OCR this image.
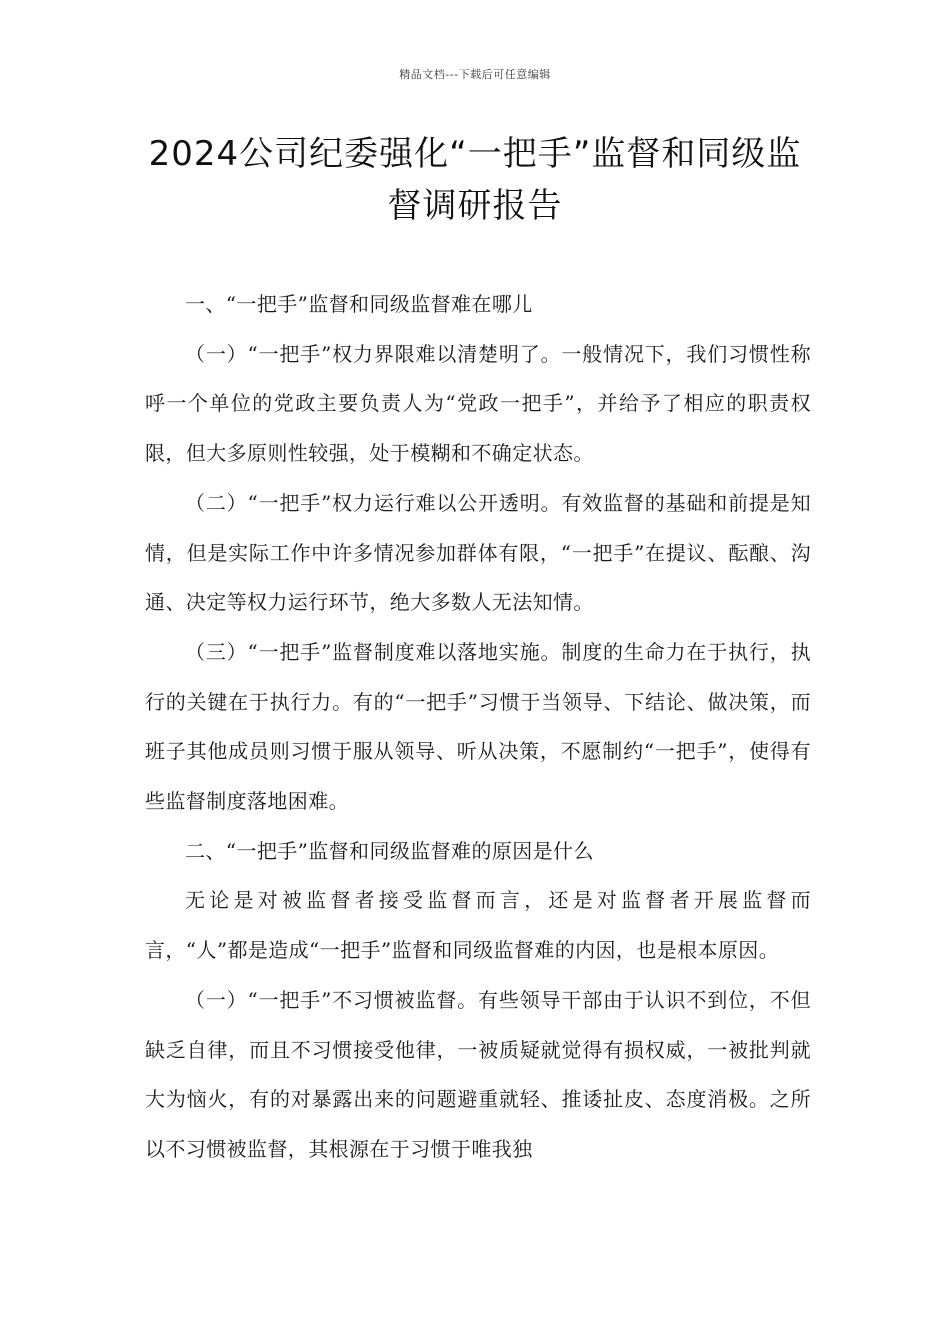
精品文档---下载后可任意编辑
2024公司纪委强化“一把手”监督和同级监督调研报告

一、“一把手”监督和同级监督难在哪儿

（一）“一把手”权力界限难以清楚明了。一般情况下，我们习惯性称呼一个单位的党政主要负责人为“党政一把手”，并给予了相应的职责权限，但大多原则性较强，处于模糊和不确定状态。

（二）“一把手”权力运行难以公开透明。有效监督的基础和前提是知情，但是实际工作中许多情况参加群体有限，“一把手”在提议、酝酿、沟通、决定等权力运行环节，绝大多数人无法知情。

（三）“一把手”监督制度难以落地实施。制度的生命力在于执行，执行的关键在于执行力。有的“一把手”习惯于当领导、下结论、做决策，而班子其他成员则习惯于服从领导、听从决策，不愿制约“一把手”，使得有些监督制度落地困难。

二、“一把手”监督和同级监督难的原因是什么

无论是对被监督者接受监督而言，还是对监督者开展监督而言，“人”都是造成“一把手”监督和同级监督难的内因，也是根本原因。

（一）“一把手”不习惯被监督。有些领导干部由于认识不到位，不但缺乏自律，而且不习惯接受他律，一被质疑就觉得有损权威，一被批判就大为恼火，有的对暴露出来的问题避重就轻、推诿扯皮、态度消极。之所以不习惯被监督，其根源在于习惯于唯我独
